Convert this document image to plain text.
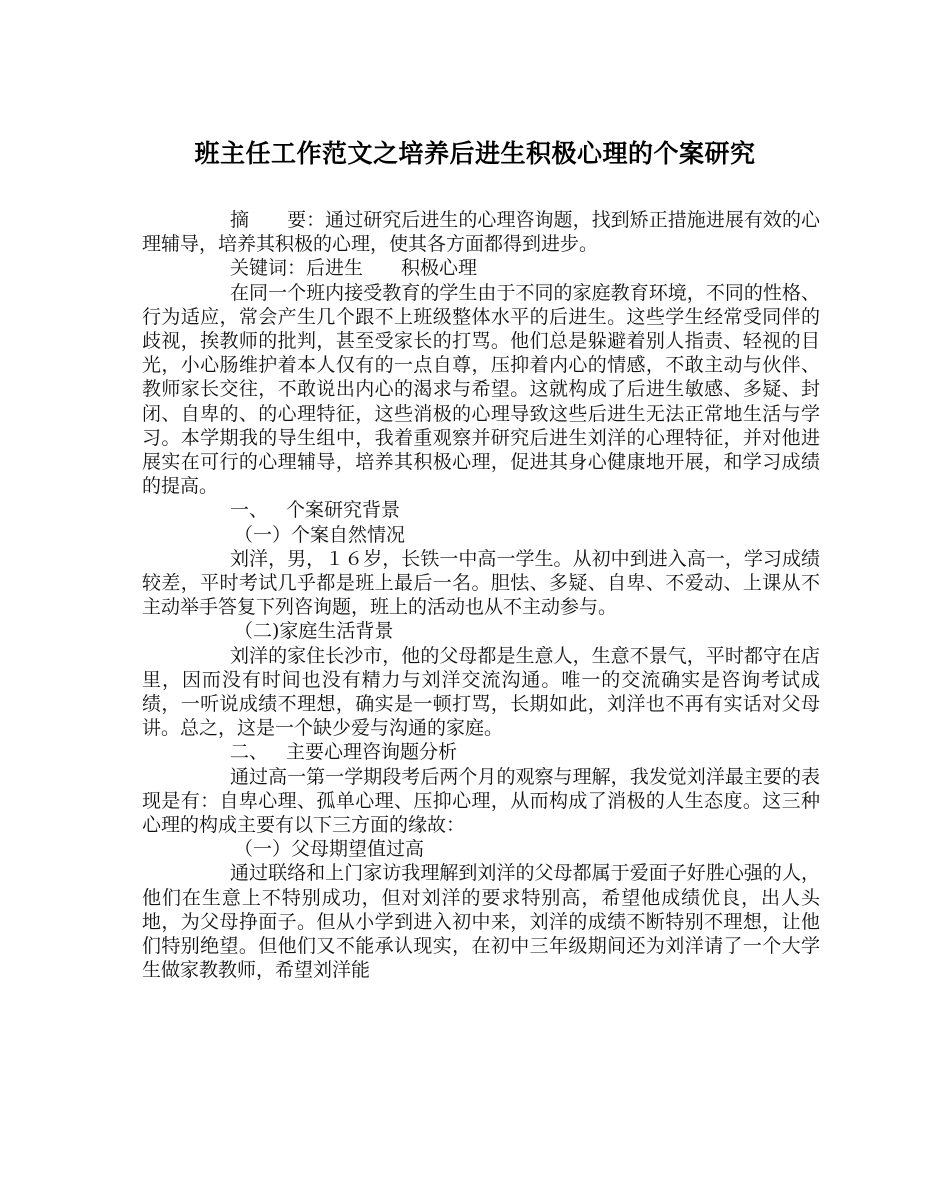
班主任工作范文之培养后进生积极心理的个案研究

摘 要：通过研究后进生的心理咨询题，找到矫正措施进展有效的心理辅导，培养其积极的心理，使其各方面都得到进步。

关键词：后进生 积极心理

在同一个班内接受教育的学生由于不同的家庭教育环境，不同的性格、行为适应，常会产生几个跟不上班级整体水平的后进生。这些学生经常受同伴的歧视，挨教师的批判，甚至受家长的打骂。他们总是躲避着别人指责、轻视的目光，小心肠维护着本人仅有的一点自尊，压抑着内心的情感，不敢主动与伙伴、教师家长交往，不敢说出内心的渴求与希望。这就构成了后进生敏感、多疑、封闭、自卑的、的心理特征，这些消极的心理导致这些后进生无法正常地生活与学习。本学期我的导生组中，我着重观察并研究后进生刘洋的心理特征，并对他进展实在可行的心理辅导，培养其积极心理，促进其身心健康地开展，和学习成绩的提高。

一、 个案研究背景

（一）个案自然情况

刘洋，男，１６岁，长铁一中高一学生。从初中到进入高一，学习成绩较差，平时考试几乎都是班上最后一名。胆怯、多疑、自卑、不爱动、上课从不主动举手答复下列咨询题，班上的活动也从不主动参与。

（二)家庭生活背景

刘洋的家住长沙市，他的父母都是生意人，生意不景气，平时都守在店里，因而没有时间也没有精力与刘洋交流沟通。唯一的交流确实是咨询考试成绩，一听说成绩不理想，确实是一顿打骂，长期如此，刘洋也不再有实话对父母讲。总之，这是一个缺少爱与沟通的家庭。

二、 主要心理咨询题分析

通过高一第一学期段考后两个月的观察与理解，我发觉刘洋最主要的表现是有：自卑心理、孤单心理、压抑心理，从而构成了消极的人生态度。这三种心理的构成主要有以下三方面的缘故：

（一）父母期望值过高

通过联络和上门家访我理解到刘洋的父母都属于爱面子好胜心强的人，他们在生意上不特别成功，但对刘洋的要求特别高，希望他成绩优良，出人头地，为父母挣面子。但从小学到进入初中来，刘洋的成绩不断特别不理想，让他们特别绝望。但他们又不能承认现实，在初中三年级期间还为刘洋请了一个大学生做家教教师，希望刘洋能
